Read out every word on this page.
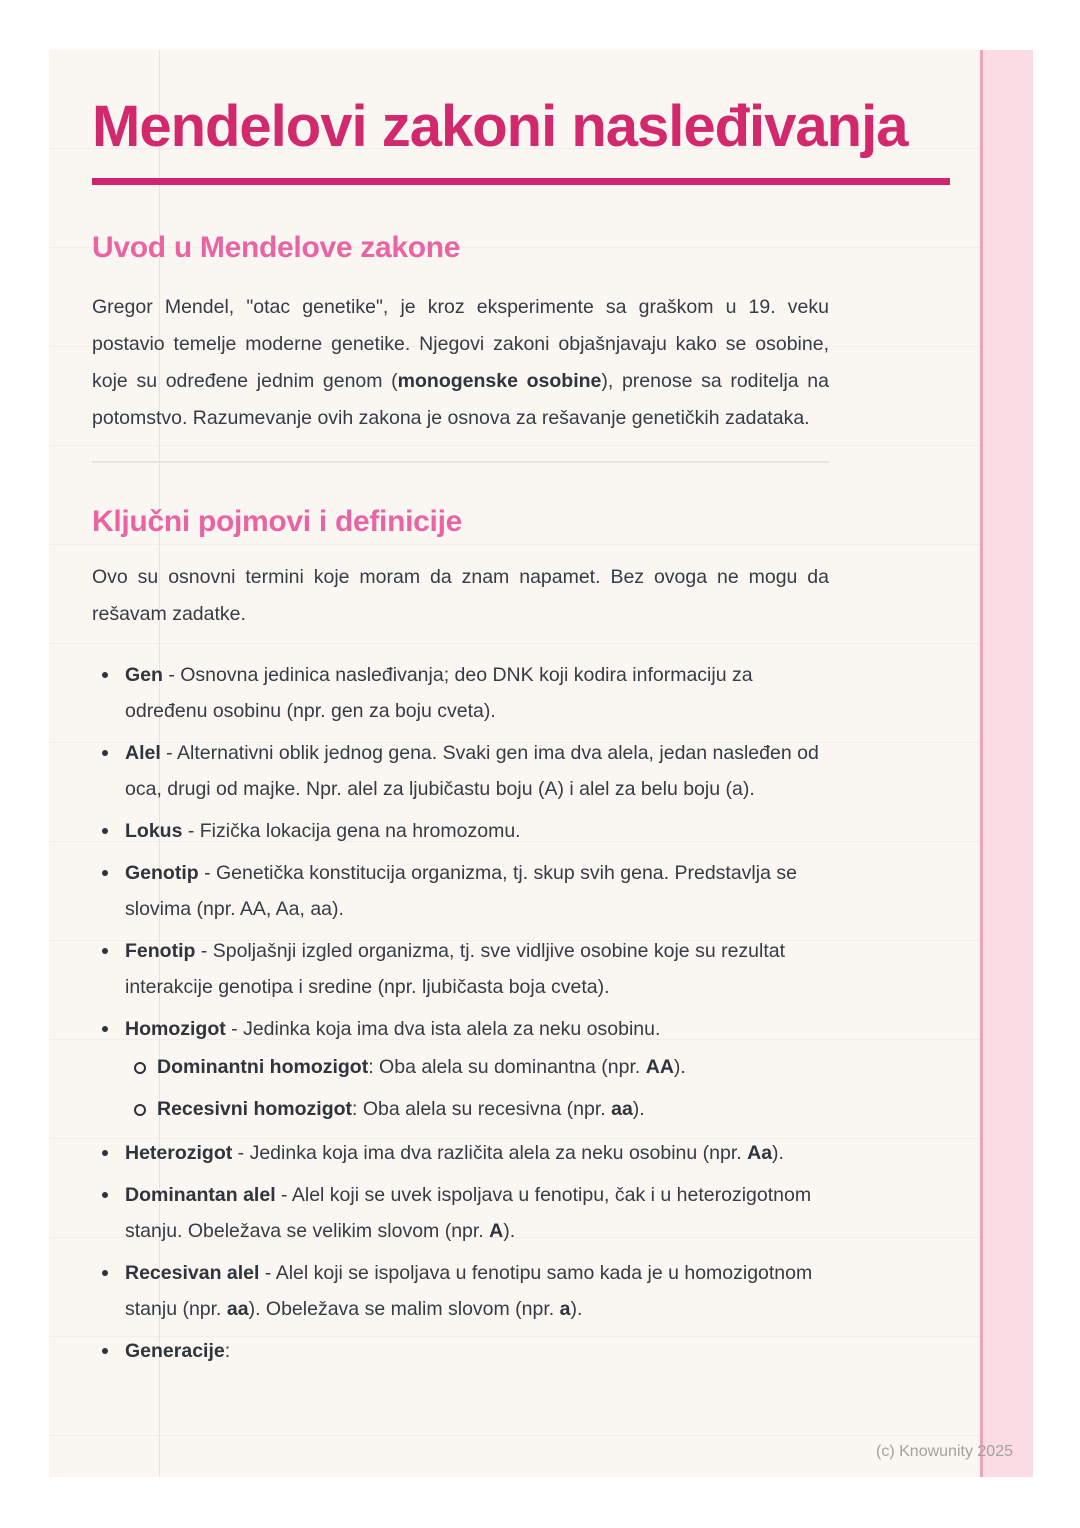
Mendelovi zakoni nasleđivanja
Uvod u Mendelove zakone

Gregor Mendel, "otac genetike", je kroz eksperimente sa graškom u 19. veku postavio temelje moderne genetike. Njegovi zakoni objašnjavaju kako se osobine, koje su određene jednim genom (monogenske osobine), prenose sa roditelja na potomstvo. Razumevanje ovih zakona je osnova za rešavanje genetičkih zadataka.

Ključni pojmovi i definicije

Ovo su osnovni termini koje moram da znam napamet. Bez ovoga ne mogu da rešavam zadatke.

Gen - Osnovna jedinica nasleđivanja; deo DNK koji kodira informaciju za određenu osobinu (npr. gen za boju cveta).
Alel - Alternativni oblik jednog gena. Svaki gen ima dva alela, jedan nasleđen od oca, drugi od majke. Npr. alel za ljubičastu boju (A) i alel za belu boju (a).
Lokus - Fizička lokacija gena na hromozomu.
Genotip - Genetička konstitucija organizma, tj. skup svih gena. Predstavlja se slovima (npr. AA, Aa, aa).
Fenotip - Spoljašnji izgled organizma, tj. sve vidljive osobine koje su rezultat interakcije genotipa i sredine (npr. ljubičasta boja cveta).
Homozigot - Jedinka koja ima dva ista alela za neku osobinu.
Dominantni homozigot: Oba alela su dominantna (npr. AA).
Recesivni homozigot: Oba alela su recesivna (npr. aa).
Heterozigot - Jedinka koja ima dva različita alela za neku osobinu (npr. Aa).
Dominantan alel - Alel koji se uvek ispoljava u fenotipu, čak i u heterozigotnom stanju. Obeležava se velikim slovom (npr. A).
Recesivan alel - Alel koji se ispoljava u fenotipu samo kada je u homozigotnom stanju (npr. aa). Obeležava se malim slovom (npr. a).
Generacije:
(c) Knowunity 2025
